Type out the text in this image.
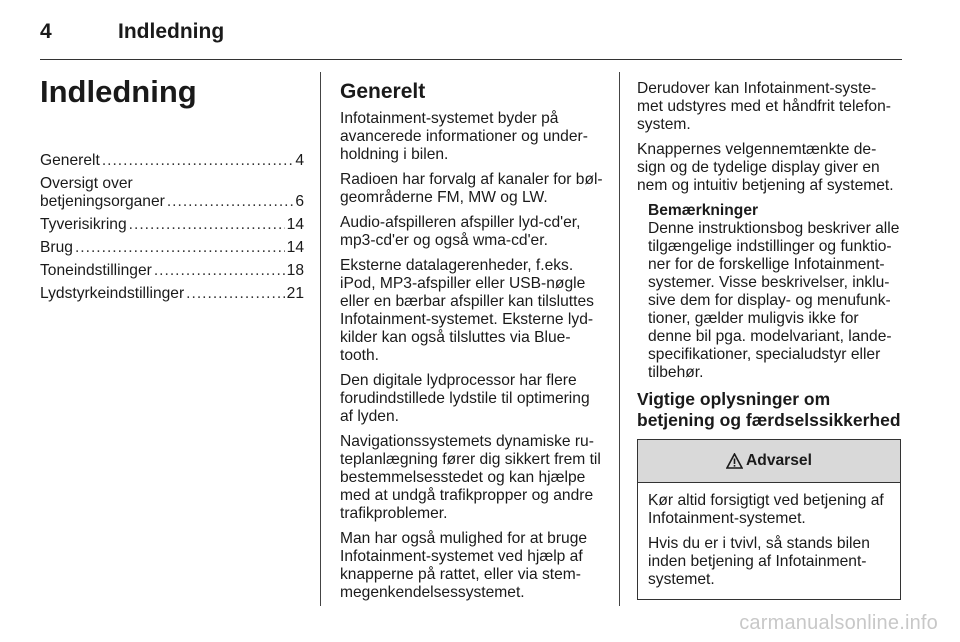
4	Indledning
Indledning
Generelt .....	4
Oversigt over
betjeningsorganer .....	6
Tyverisikring .....	14
Brug .....	14
Toneindstillinger .....	18
Lydstyrkeindstillinger .....	21
Generelt

Infotainment-systemet byder på avancerede informationer og under-holdning i bilen.

Radioen har forvalg af kanaler for bøl-geområderne FM, MW og LW.

Audio-afspilleren afspiller lyd-cd'er, mp3-cd'er og også wma-cd'er.

Eksterne datalagerenheder, f.eks. iPod, MP3-afspiller eller USB-nøgle eller en bærbar afspiller kan tilsluttes Infotainment-systemet. Eksterne lyd-kilder kan også tilsluttes via Blue-tooth.

Den digitale lydprocessor har flere forudindstillede lydstile til optimering af lyden.

Navigationssystemets dynamiske ru-teplanlægning fører dig sikkert frem til bestemmelsesstedet og kan hjælpe med at undgå trafikpropper og andre trafikproblemer.

Man har også mulighed for at bruge Infotainment-systemet ved hjælp af knapperne på rattet, eller via stem-megenkendelsessystemet.

Derudover kan Infotainment-syste-met udstyres med et håndfrit telefon-system.

Knappernes velgennemtænkte de-sign og de tydelige display giver en nem og intuitiv betjening af systemet.

Bemærkninger
Denne instruktionsbog beskriver alle tilgængelige indstillinger og funktio-ner for de forskellige Infotainment-systemer. Visse beskrivelser, inklu-sive dem for display- og menufunk-tioner, gælder muligvis ikke for denne bil pga. modelvariant, lande-specifikationer, specialudstyr eller tilbehør.
Vigtige oplysninger om betjening og færdselssikkerhed
Advarsel

Kør altid forsigtigt ved betjening af Infotainment-systemet.

Hvis du er i tvivl, så stands bilen inden betjening af Infotainment-systemet.

carmanualsonline.info
